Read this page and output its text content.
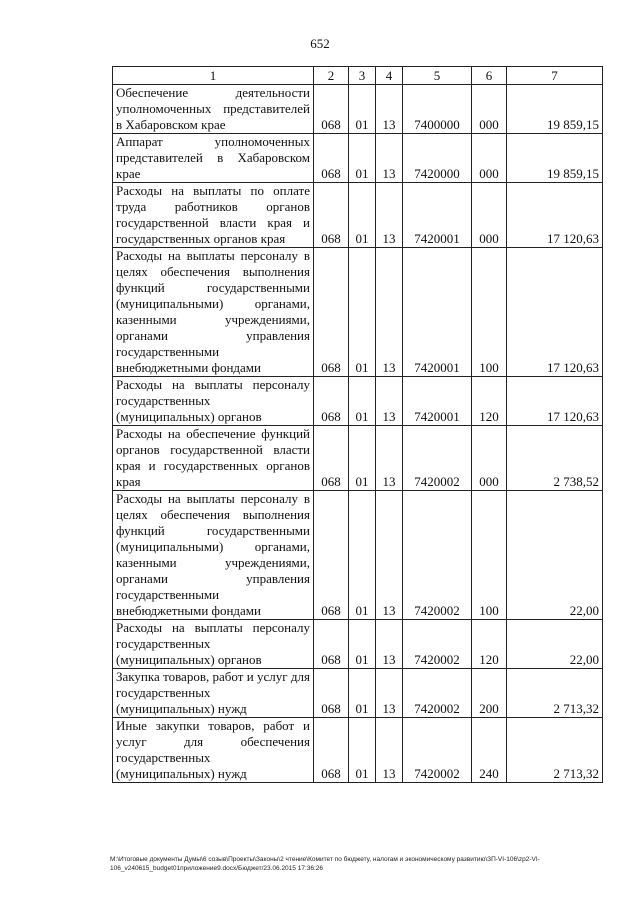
652
1	2	3	4	5	6	7
Обеспечение деятельности уполномоченных представителей в Хабаровском крае	068	01	13	7400000	000	19 859,15
Аппарат уполномоченных представителей в Хабаровском крае	068	01	13	7420000	000	19 859,15
Расходы на выплаты по оплате труда работников органов государственной власти края и государственных органов края	068	01	13	7420001	000	17 120,63
Расходы на выплаты персоналу в целях обеспечения выполнения функций государственными (муниципальными) органами, казенными учреждениями, органами управления государственными внебюджетными фондами	068	01	13	7420001	100	17 120,63
Расходы на выплаты персоналу государственных (муниципальных) органов	068	01	13	7420001	120	17 120,63
Расходы на обеспечение функций органов государственной власти края и государственных органов края	068	01	13	7420002	000	2 738,52
Расходы на выплаты персоналу в целях обеспечения выполнения функций государственными (муниципальными) органами, казенными учреждениями, органами управления государственными внебюджетными фондами	068	01	13	7420002	100	22,00
Расходы на выплаты персоналу государственных (муниципальных) органов	068	01	13	7420002	120	22,00
Закупка товаров, работ и услуг для государственных (муниципальных) нужд	068	01	13	7420002	200	2 713,32
Иные закупки товаров, работ и услуг для обеспечения государственных (муниципальных) нужд	068	01	13	7420002	240	2 713,32
M:\Итоговые документы Думы\6 созыв\Проекты\Законы\2 чтение\Комитет по бюджету, налогам и экономическому развитию\ЗП-VI-106\zp2-VI-
106_v240615_budget01приложение9.docx/Бюджет/23.06.2015 17:36:26
